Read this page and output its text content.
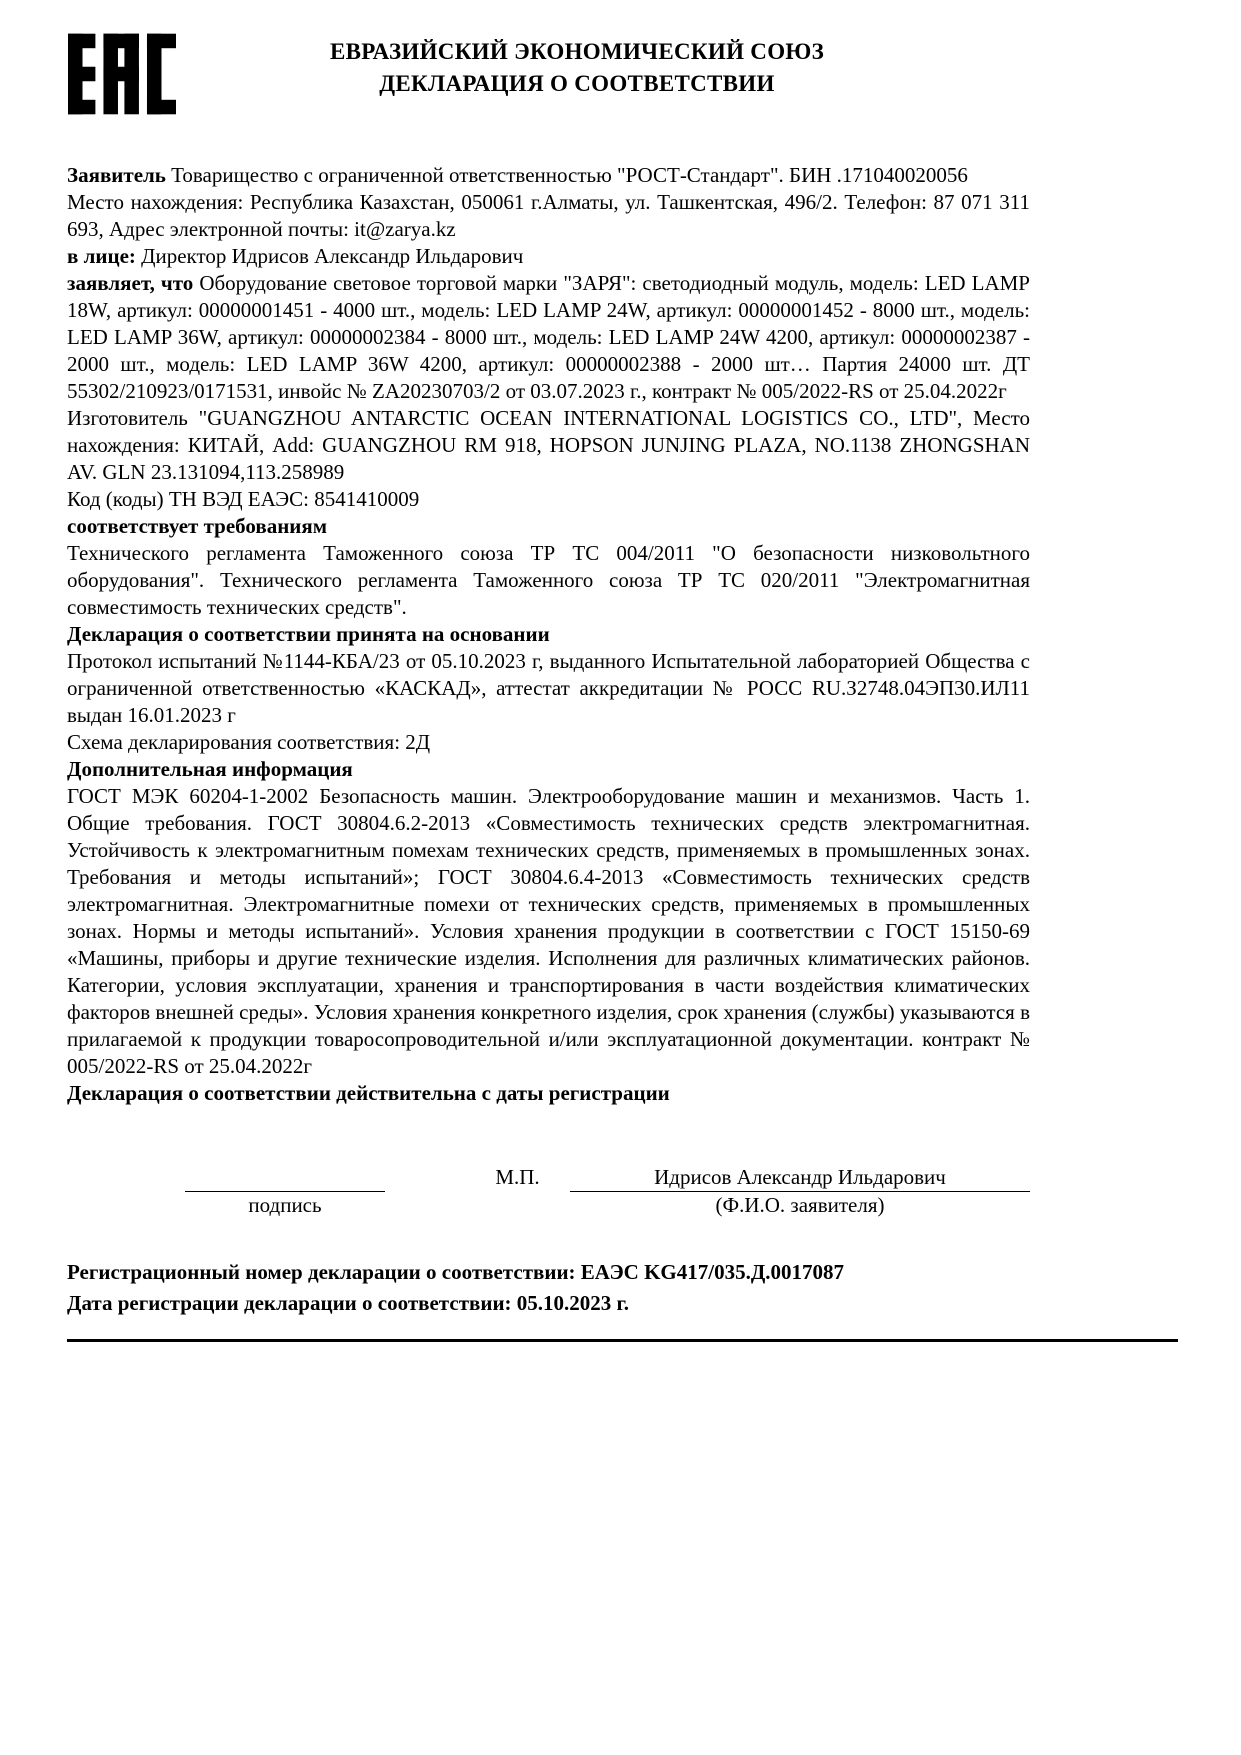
ЕВРАЗИЙСКИЙ ЭКОНОМИЧЕСКИЙ СОЮЗ
ДЕКЛАРАЦИЯ О СООТВЕТСТВИИ

Заявитель Товарищество с ограниченной ответственностью "РОСТ-Стандарт". БИН .171040020056

Место нахождения: Республика Казахстан, 050061 г.Алматы, ул. Ташкентская, 496/2. Телефон: 87 071 311 693, Адрес электронной почты: it@zarya.kz

в лице: Директор Идрисов Александр Ильдарович

заявляет, что Оборудование световое торговой марки "ЗАРЯ": светодиодный модуль, модель: LED LAMP 18W, артикул: 00000001451 - 4000 шт., модель: LED LAMP 24W, артикул: 00000001452 - 8000 шт., модель: LED LAMP 36W, артикул: 00000002384 - 8000 шт., модель: LED LAMP 24W 4200, артикул: 00000002387 - 2000 шт., модель: LED LAMP 36W 4200, артикул: 00000002388 - 2000 шт… Партия 24000 шт. ДТ 55302/210923/0171531, инвойс № ZA20230703/2 от 03.07.2023 г., контракт № 005/2022-RS от 25.04.2022г

Изготовитель "GUANGZHOU ANTARCTIC OCEAN INTERNATIONAL LOGISTICS CO., LTD", Место нахождения: КИТАЙ, Add: GUANGZHOU RM 918, HOPSON JUNJING PLAZA, NO.1138 ZHONGSHAN AV. GLN 23.131094,113.258989

Код (коды) ТН ВЭД ЕАЭС: 8541410009

соответствует требованиям

Технического регламента Таможенного союза ТР ТС 004/2011 "О безопасности низковольтного оборудования". Технического регламента Таможенного союза ТР ТС 020/2011 "Электромагнитная совместимость технических средств".

Декларация о соответствии принята на основании

Протокол испытаний №1144-КБА/23 от 05.10.2023 г, выданного Испытательной лабораторией Общества с ограниченной ответственностью «КАСКАД», аттестат аккредитации № РОСС RU.З2748.04ЭП30.ИЛ11 выдан 16.01.2023 г

Схема декларирования соответствия: 2Д

Дополнительная информация

ГОСТ МЭК 60204-1-2002 Безопасность машин. Электрооборудование машин и механизмов. Часть 1. Общие требования. ГОСТ 30804.6.2-2013 «Совместимость технических средств электромагнитная. Устойчивость к электромагнитным помехам технических средств, применяемых в промышленных зонах. Требования и методы испытаний»; ГОСТ 30804.6.4-2013 «Совместимость технических средств электромагнитная. Электромагнитные помехи от технических средств, применяемых в промышленных зонах. Нормы и методы испытаний». Условия хранения продукции в соответствии с ГОСТ 15150-69 «Машины, приборы и другие технические изделия. Исполнения для различных климатических районов. Категории, условия эксплуатации, хранения и транспортирования в части воздействия климатических факторов внешней среды». Условия хранения конкретного изделия, срок хранения (службы) указываются в прилагаемой к продукции товаросопроводительной и/или эксплуатационной документации. контракт № 005/2022-RS от 25.04.2022г

Декларация о соответствии действительна с даты регистрации

подпись
М.П.	Идрисов Александр Ильдарович
(Ф.И.О. заявителя)

Регистрационный номер декларации о соответствии: ЕАЭС KG417/035.Д.0017087

Дата регистрации декларации о соответствии: 05.10.2023 г.
